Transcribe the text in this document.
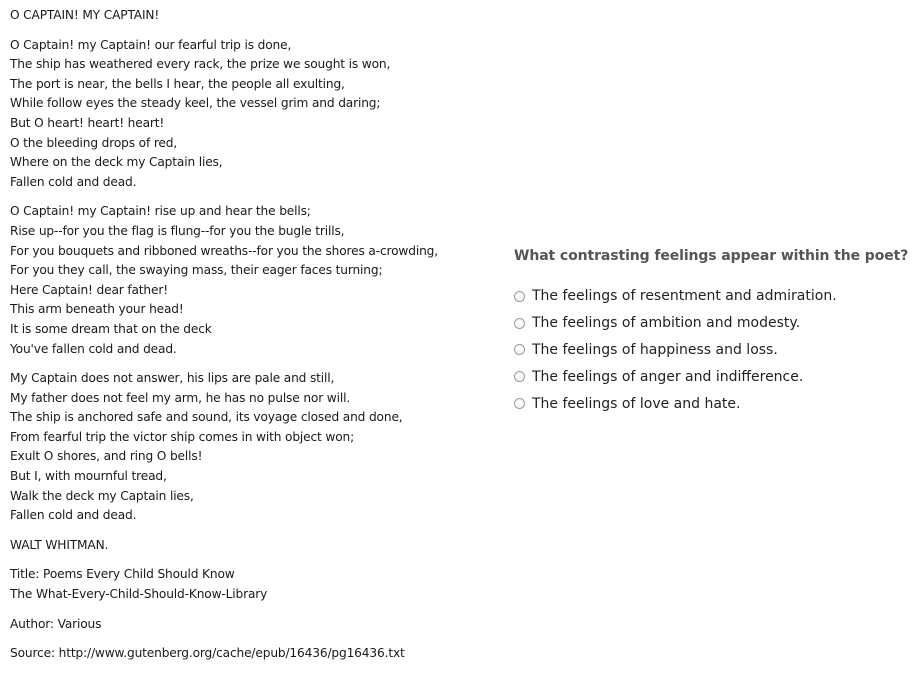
O CAPTAIN! MY CAPTAIN!
O Captain! my Captain! our fearful trip is done,
The ship has weathered every rack, the prize we sought is won,
The port is near, the bells I hear, the people all exulting,
While follow eyes the steady keel, the vessel grim and daring;
But O heart! heart! heart!
O the bleeding drops of red,
Where on the deck my Captain lies,
Fallen cold and dead.
O Captain! my Captain! rise up and hear the bells;
Rise up--for you the flag is flung--for you the bugle trills,
For you bouquets and ribboned wreaths--for you the shores a-crowding,
For you they call, the swaying mass, their eager faces turning;
Here Captain! dear father!
This arm beneath your head!
It is some dream that on the deck
You've fallen cold and dead.
My Captain does not answer, his lips are pale and still,
My father does not feel my arm, he has no pulse nor will.
The ship is anchored safe and sound, its voyage closed and done,
From fearful trip the victor ship comes in with object won;
Exult O shores, and ring O bells!
But I, with mournful tread,
Walk the deck my Captain lies,
Fallen cold and dead.
WALT WHITMAN.
Title: Poems Every Child Should Know
The What-Every-Child-Should-Know-Library
Author: Various
Source: http://www.gutenberg.org/cache/epub/16436/pg16436.txt
What contrasting feelings appear within the poet?
The feelings of resentment and admiration.
The feelings of ambition and modesty.
The feelings of happiness and loss.
The feelings of anger and indifference.
The feelings of love and hate.
